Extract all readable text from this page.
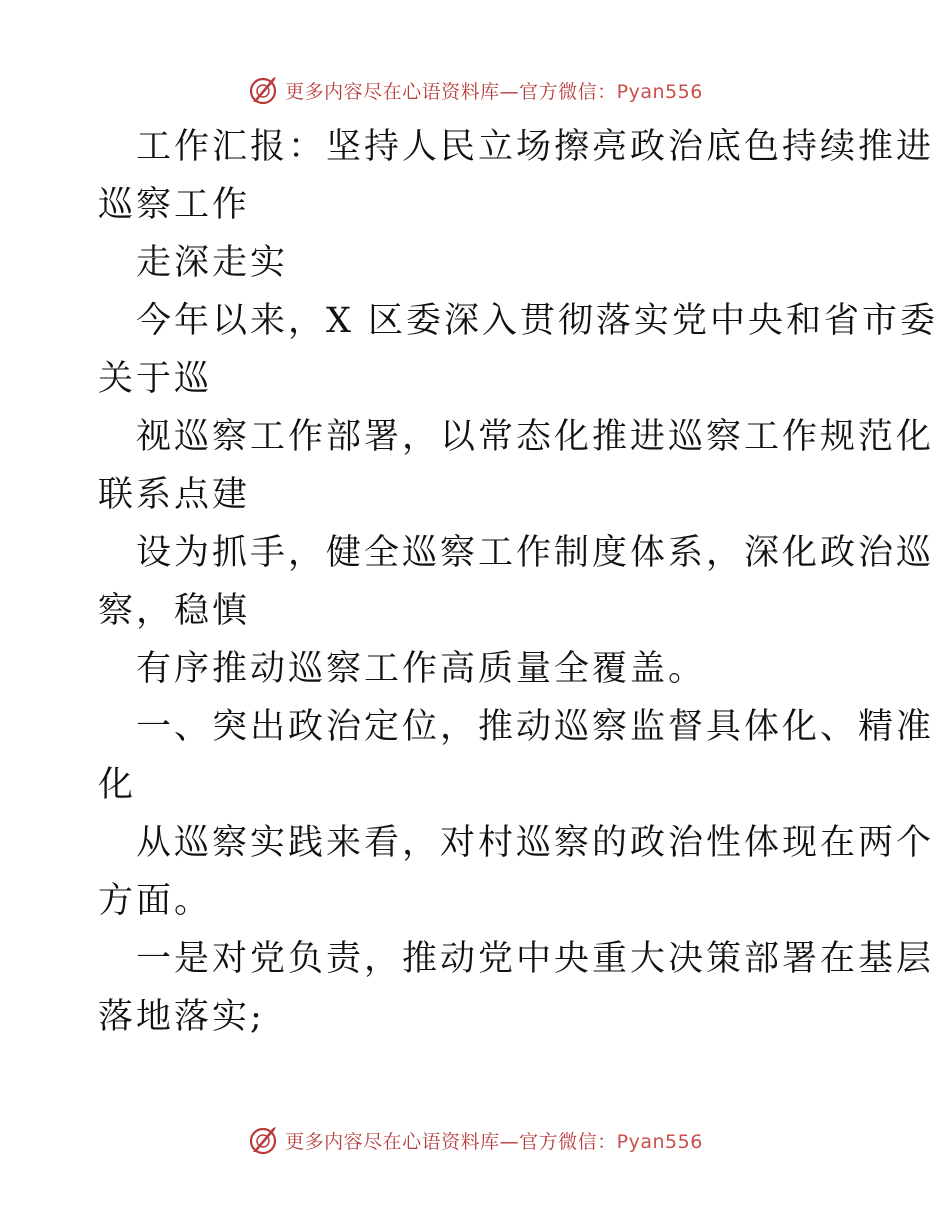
更多内容尽在心语资料库—官方微信：Pyan556

工作汇报：坚持人民立场擦亮政治底色持续推进

巡察工作

走深走实

今年以来，X 区委深入贯彻落实党中央和省市委

关于巡

视巡察工作部署，以常态化推进巡察工作规范化

联系点建

设为抓手，健全巡察工作制度体系，深化政治巡

察，稳慎

有序推动巡察工作高质量全覆盖。

一、突出政治定位，推动巡察监督具体化、精准

化

从巡察实践来看，对村巡察的政治性体现在两个

方面。

一是对党负责，推动党中央重大决策部署在基层

落地落实;

更多内容尽在心语资料库—官方微信：Pyan556
